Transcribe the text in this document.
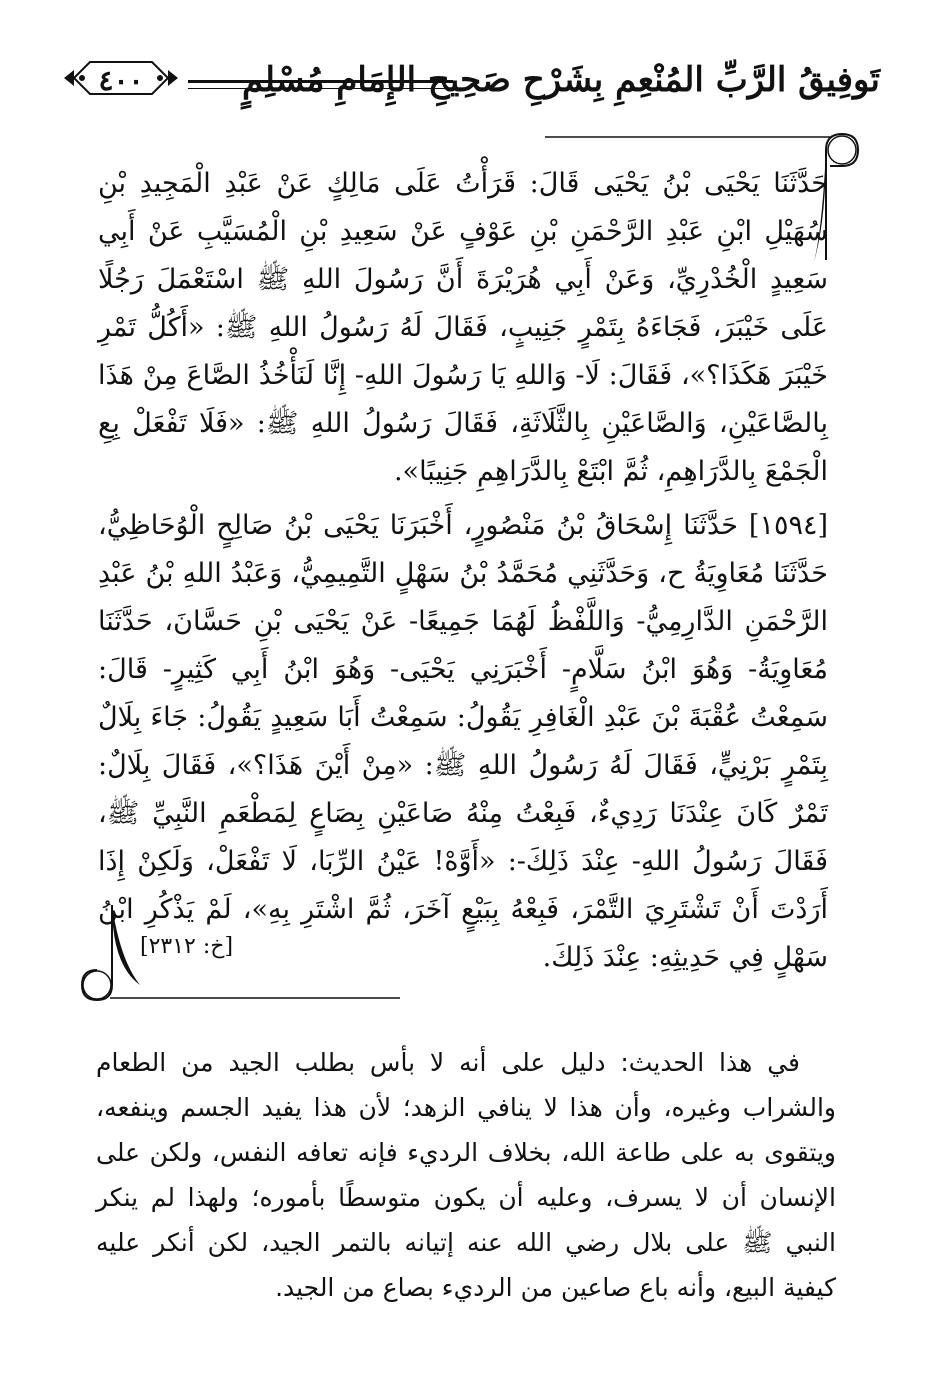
٤٠٠	تَوفِيقُ الرَّبِّ المُنْعِمِ بِشَرْحِ صَحِيحِ الإِمَامِ مُسْلِمٍ

حَدَّثَنَا يَحْيَى بْنُ يَحْيَى قَالَ: قَرَأْتُ عَلَى مَالِكٍ عَنْ عَبْدِ الْمَجِيدِ بْنِ سُهَيْلِ ابْنِ عَبْدِ الرَّحْمَنِ بْنِ عَوْفٍ عَنْ سَعِيدِ بْنِ الْمُسَيَّبِ عَنْ أَبِي سَعِيدٍ الْخُدْرِيِّ، وَعَنْ أَبِي هُرَيْرَةَ أَنَّ رَسُولَ اللهِ ﷺ اسْتَعْمَلَ رَجُلًا عَلَى خَيْبَرَ، فَجَاءَهُ بِتَمْرٍ جَنِيبٍ، فَقَالَ لَهُ رَسُولُ اللهِ ﷺ: «أَكُلُّ تَمْرِ خَيْبَرَ هَكَذَا؟»، فَقَالَ: لَا- وَاللهِ يَا رَسُولَ اللهِ- إِنَّا لَنَأْخُذُ الصَّاعَ مِنْ هَذَا بِالصَّاعَيْنِ، وَالصَّاعَيْنِ بِالثَّلَاثَةِ، فَقَالَ رَسُولُ اللهِ ﷺ: «فَلَا تَفْعَلْ بِعِ الْجَمْعَ بِالدَّرَاهِمِ، ثُمَّ ابْتَعْ بِالدَّرَاهِمِ جَنِيبًا».

[١٥٩٤] حَدَّثَنَا إِسْحَاقُ بْنُ مَنْصُورٍ، أَخْبَرَنَا يَحْيَى بْنُ صَالِحٍ الْوُحَاظِيُّ، حَدَّثَنَا مُعَاوِيَةُ ح، وَحَدَّثَنِي مُحَمَّدُ بْنُ سَهْلٍ التَّمِيمِيُّ، وَعَبْدُ اللهِ بْنُ عَبْدِ الرَّحْمَنِ الدَّارِمِيُّ- وَاللَّفْظُ لَهُمَا جَمِيعًا- عَنْ يَحْيَى بْنِ حَسَّانَ، حَدَّثَنَا مُعَاوِيَةُ- وَهُوَ ابْنُ سَلَّامٍ- أَخْبَرَنِي يَحْيَى- وَهُوَ ابْنُ أَبِي كَثِيرٍ- قَالَ: سَمِعْتُ عُقْبَةَ بْنَ عَبْدِ الْغَافِرِ يَقُولُ: سَمِعْتُ أَبَا سَعِيدٍ يَقُولُ: جَاءَ بِلَالٌ بِتَمْرٍ بَرْنِيٍّ، فَقَالَ لَهُ رَسُولُ اللهِ ﷺ: «مِنْ أَيْنَ هَذَا؟»، فَقَالَ بِلَالٌ: تَمْرٌ كَانَ عِنْدَنَا رَدِيءٌ، فَبِعْتُ مِنْهُ صَاعَيْنِ بِصَاعٍ لِمَطْعَمِ النَّبِيِّ ﷺ، فَقَالَ رَسُولُ اللهِ- عِنْدَ ذَلِكَ-: «أَوَّهْ! عَيْنُ الرِّبَا، لَا تَفْعَلْ، وَلَكِنْ إِذَا أَرَدْتَ أَنْ تَشْتَرِيَ التَّمْرَ، فَبِعْهُ بِبَيْعٍ آخَرَ، ثُمَّ اشْتَرِ بِهِ»، لَمْ يَذْكُرِ ابْنُ سَهْلٍ فِي حَدِيثِهِ: عِنْدَ ذَلِكَ.

[خ: ٢٣١٢]

في هذا الحديث: دليل على أنه لا بأس بطلب الجيد من الطعام والشراب وغيره، وأن هذا لا ينافي الزهد؛ لأن هذا يفيد الجسم وينفعه، ويتقوى به على طاعة الله، بخلاف الرديء فإنه تعافه النفس، ولكن على الإنسان أن لا يسرف، وعليه أن يكون متوسطًا بأموره؛ ولهذا لم ينكر النبي ﷺ على بلال رضي الله عنه إتيانه بالتمر الجيد، لكن أنكر عليه كيفية البيع، وأنه باع صاعين من الرديء بصاع من الجيد.
